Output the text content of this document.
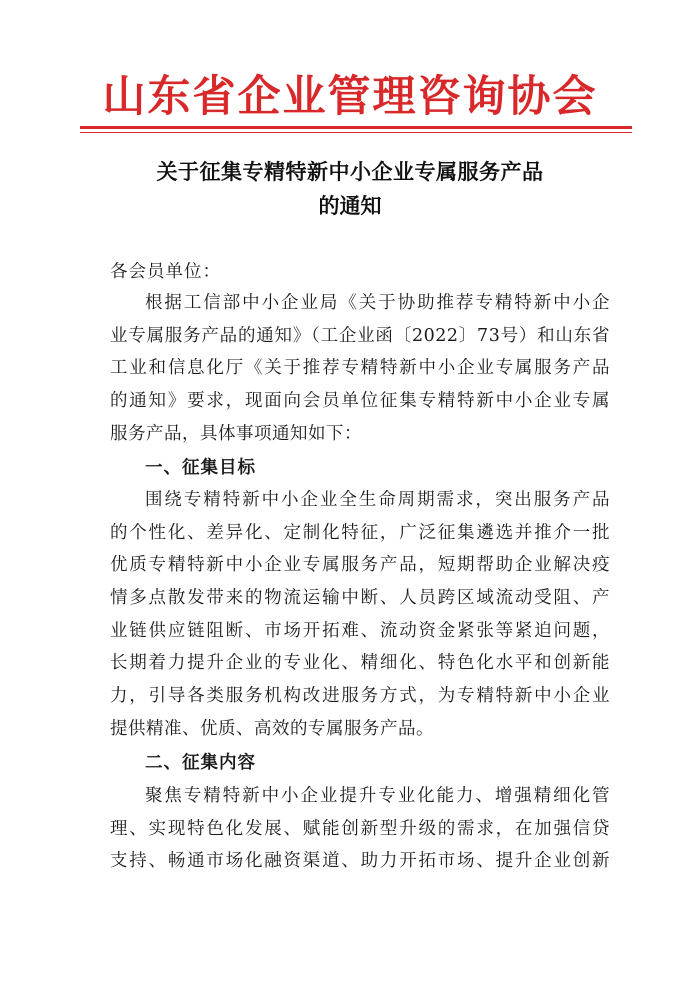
山东省企业管理咨询协会
关于征集专精特新中小企业专属服务产品
的通知
各会员单位：
根据工信部中小企业局《关于协助推荐专精特新中小企
业专属服务产品的通知》（工企业函〔2022〕73号）和山东省
工业和信息化厅《关于推荐专精特新中小企业专属服务产品
的通知》要求，现面向会员单位征集专精特新中小企业专属
服务产品，具体事项通知如下：
一、征集目标
围绕专精特新中小企业全生命周期需求，突出服务产品
的个性化、差异化、定制化特征，广泛征集遴选并推介一批
优质专精特新中小企业专属服务产品，短期帮助企业解决疫
情多点散发带来的物流运输中断、人员跨区域流动受阻、产
业链供应链阻断、市场开拓难、流动资金紧张等紧迫问题，
长期着力提升企业的专业化、精细化、特色化水平和创新能
力，引导各类服务机构改进服务方式，为专精特新中小企业
提供精准、优质、高效的专属服务产品。
二、征集内容
聚焦专精特新中小企业提升专业化能力、增强精细化管
理、实现特色化发展、赋能创新型升级的需求，在加强信贷
支持、畅通市场化融资渠道、助力开拓市场、提升企业创新
